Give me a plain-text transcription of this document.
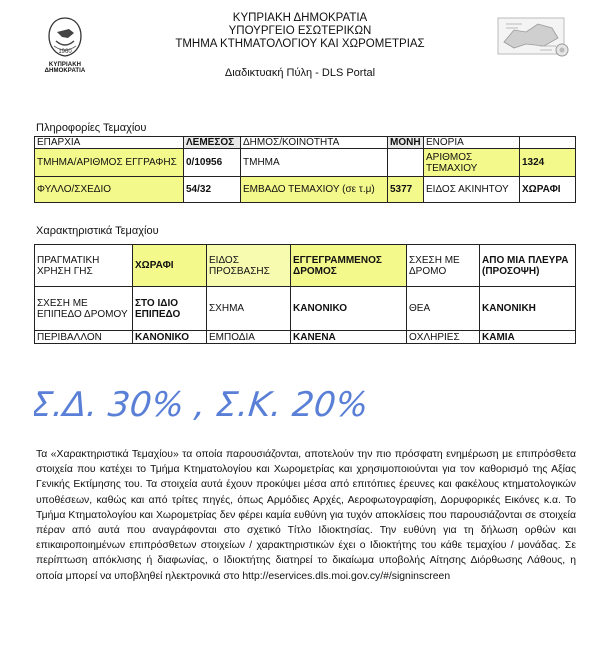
1960
ΚΥΠΡΙΑΚΗ ΔΗΜΟΚΡΑΤΙΑ
ΚΥΠΡΙΑΚΗ ΔΗΜΟΚΡΑΤΙΑ
ΥΠΟΥΡΓΕΙΟ ΕΣΩΤΕΡΙΚΩΝ
ΤΜΗΜΑ ΚΤΗΜΑΤΟΛΟΓΙΟΥ ΚΑΙ ΧΩΡΟΜΕΤΡΙΑΣ
Διαδικτυακή Πύλη - DLS Portal
Πληροφορίες Τεμαχίου
ΕΠΑΡΧΙΑ	ΛΕΜΕΣΟΣ	ΔΗΜΟΣ/ΚΟΙΝΟΤΗΤΑ	ΜΟΝΗ	ΕΝΟΡΙΑ	
ΤΜΗΜΑ/ΑΡΙΘΜΟΣ ΕΓΓΡΑΦΗΣ	0/10956	ΤΜΗΜΑ		ΑΡΙΘΜΟΣ ΤΕΜΑΧΙΟΥ	1324
ΦΥΛΛΟ/ΣΧΕΔΙΟ	54/32	ΕΜΒΑΔΟ ΤΕΜΑΧΙΟΥ (σε τ.μ)	5377	ΕΙΔΟΣ ΑΚΙΝΗΤΟΥ	ΧΩΡΑΦΙ
Χαρακτηριστικά Τεμαχίου
ΠΡΑΓΜΑΤΙΚΗ ΧΡΗΣΗ ΓΗΣ	ΧΩΡΑΦΙ	ΕΙΔΟΣ ΠΡΟΣΒΑΣΗΣ	ΕΓΓΕΓΡΑΜΜΕΝΟΣ ΔΡΟΜΟΣ	ΣΧΕΣΗ ΜΕ ΔΡΟΜΟ	ΑΠΟ ΜΙΑ ΠΛΕΥΡΑ (ΠΡΟΣΟΨΗ)
ΣΧΕΣΗ ΜΕ ΕΠΙΠΕΔΟ ΔΡΟΜΟΥ	ΣΤΟ ΙΔΙΟ ΕΠΙΠΕΔΟ	ΣΧΗΜΑ	ΚΑΝΟΝΙΚΟ	ΘΕΑ	ΚΑΝΟΝΙΚΗ
ΠΕΡΙΒΑΛΛΟΝ	ΚΑΝΟΝΙΚΟ	ΕΜΠΟΔΙΑ	ΚΑΝΕΝΑ	ΟΧΛΗΡΙΕΣ	ΚΑΜΙΑ
Σ.Δ. 30% , Σ.Κ. 20%

Τα «Χαρακτηριστικά Τεμαχίου» τα οποία παρουσιάζονται, αποτελούν την πιο πρόσφατη ενημέρωση με επιπρόσθετα στοιχεία που κατέχει το Τμήμα Κτηματολογίου και Χωρομετρίας και χρησιμοποιούνται για τον καθορισμό της Αξίας Γενικής Εκτίμησης του. Τα στοιχεία αυτά έχουν προκύψει μέσα από επιτόπιες έρευνες και φακέλους κτηματολογικών υποθέσεων, καθώς και από τρίτες πηγές, όπως Αρμόδιες Αρχές, Αεροφωτογραφίση, Δορυφορικές Εικόνες κ.α. Το Τμήμα Κτηματολογίου και Χωρομετρίας δεν φέρει καμία ευθύνη για τυχόν αποκλίσεις που παρουσιάζονται σε στοιχεία πέραν από αυτά που αναγράφονται στο σχετικό Τίτλο Ιδιοκτησίας. Την ευθύνη για τη δήλωση ορθών και επικαιροποιημένων επιπρόσθετων στοιχείων / χαρακτηριστικών έχει ο Ιδιοκτήτης του κάθε τεμαχίου / μονάδας. Σε περίπτωση απόκλισης ή διαφωνίας, ο Ιδιοκτήτης διατηρεί το δικαίωμα υποβολής Αίτησης Διόρθωσης Λάθους, η οποία μπορεί να υποβληθεί ηλεκτρονικά στο http://eservices.dls.moi.gov.cy/#/signinscreen
